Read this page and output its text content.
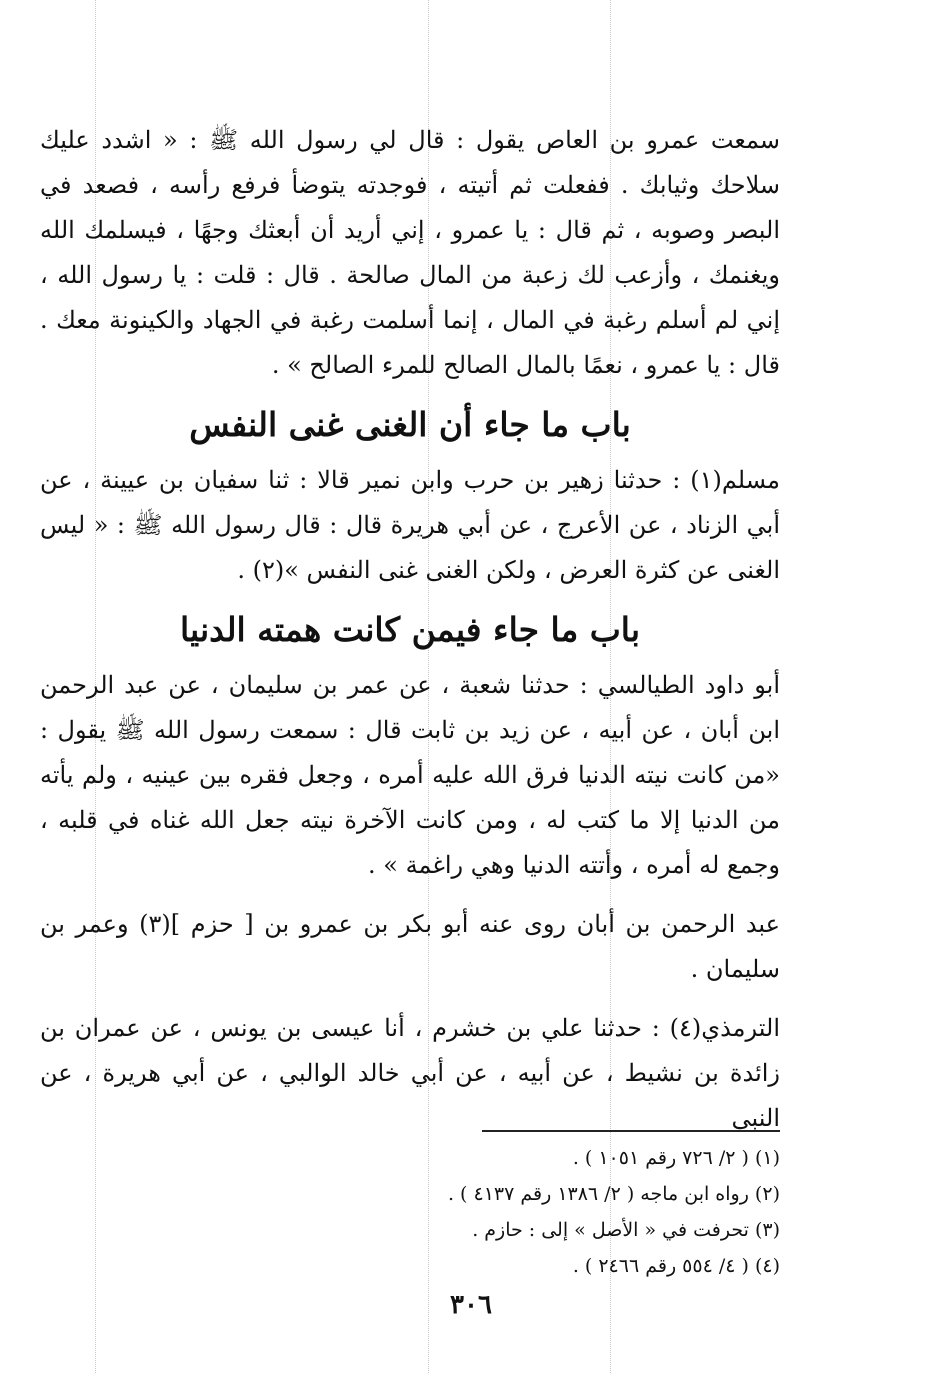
سمعت عمرو بن العاص يقول : قال لي رسول الله ﷺ : « اشدد عليك سلاحك وثيابك . ففعلت ثم أتيته ، فوجدته يتوضأ فرفع رأسه ، فصعد في البصر وصوبه ، ثم قال : يا عمرو ، إني أريد أن أبعثك وجهًا ، فيسلمك الله ويغنمك ، وأزعب لك زعبة من المال صالحة . قال : قلت : يا رسول الله ، إني لم أسلم رغبة في المال ، إنما أسلمت رغبة في الجهاد والكينونة معك . قال : يا عمرو ، نعمًا بالمال الصالح للمرء الصالح » .

باب ما جاء أن الغنى غنى النفس

مسلم(١) : حدثنا زهير بن حرب وابن نمير قالا : ثنا سفيان بن عيينة ، عن أبي الزناد ، عن الأعرج ، عن أبي هريرة قال : قال رسول الله ﷺ : « ليس الغنى عن كثرة العرض ، ولكن الغنى غنى النفس »(٢) .

باب ما جاء فيمن كانت همته الدنيا

أبو داود الطيالسي : حدثنا شعبة ، عن عمر بن سليمان ، عن عبد الرحمن ابن أبان ، عن أبيه ، عن زيد بن ثابت قال : سمعت رسول الله ﷺ يقول : «من كانت نيته الدنيا فرق الله عليه أمره ، وجعل فقره بين عينيه ، ولم يأته من الدنيا إلا ما كتب له ، ومن كانت الآخرة نيته جعل الله غناه في قلبه ، وجمع له أمره ، وأتته الدنيا وهي راغمة » .

عبد الرحمن بن أبان روى عنه أبو بكر بن عمرو بن [ حزم ](٣) وعمر بن سليمان .

الترمذي(٤) : حدثنا علي بن خشرم ، أنا عيسى بن يونس ، عن عمران بن زائدة بن نشيط ، عن أبيه ، عن أبي خالد الوالبي ، عن أبي هريرة ، عن النبي

(١) ( ٢/ ٧٢٦ رقم ١٠٥١ ) .
(٢) رواه ابن ماجه ( ٢/ ١٣٨٦ رقم ٤١٣٧ ) .
(٣) تحرفت في « الأصل » إلى : حازم .
(٤) ( ٤/ ٥٥٤ رقم ٢٤٦٦ ) .
٣٠٦
